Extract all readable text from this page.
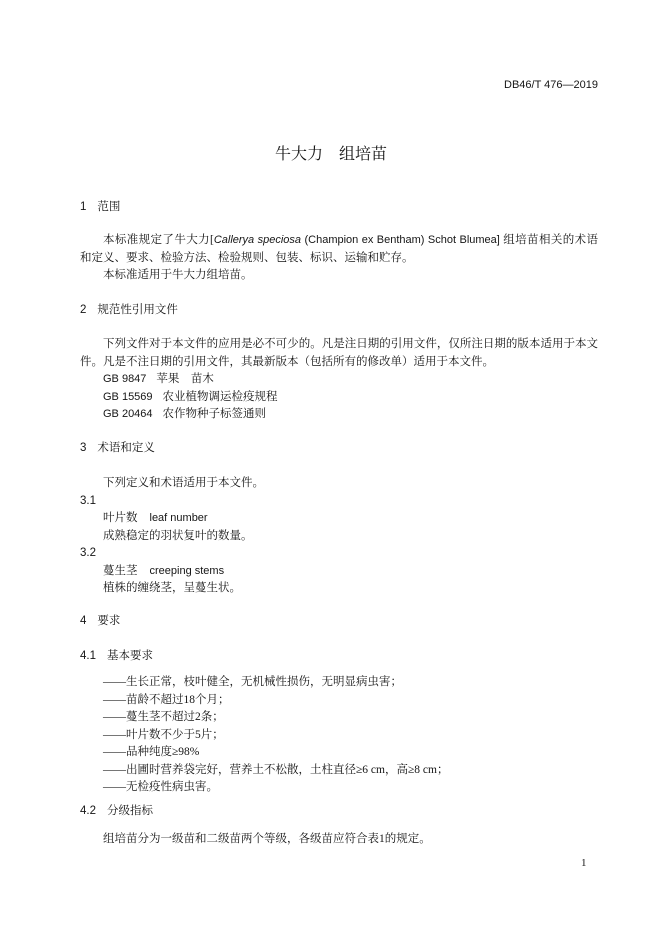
DB46/T 476—2019
牛大力　组培苗
1 范围
本标准规定了牛大力[Callerya speciosa (Champion ex Bentham) Schot Blumea] 组培苗相关的术语和定义、要求、检验方法、检验规则、包装、标识、运输和贮存。
本标准适用于牛大力组培苗。
2 规范性引用文件
下列文件对于本文件的应用是必不可少的。凡是注日期的引用文件，仅所注日期的版本适用于本文件。凡是不注日期的引用文件，其最新版本（包括所有的修改单）适用于本文件。
GB 9847 苹果　苗木
GB 15569 农业植物调运检疫规程
GB 20464 农作物种子标签通则
3 术语和定义
下列定义和术语适用于本文件。
3.1
叶片数 leaf number
成熟稳定的羽状复叶的数量。
3.2
蔓生茎 creeping stems
植株的缠绕茎，呈蔓生状。
4 要求
4.1 基本要求
——生长正常，枝叶健全，无机械性损伤，无明显病虫害；
——苗龄不超过18个月；
——蔓生茎不超过2条；
——叶片数不少于5片；
——品种纯度≥98%
——出圃时营养袋完好，营养土不松散，土柱直径≥6 cm，高≥8 cm；
——无检疫性病虫害。
4.2 分级指标
组培苗分为一级苗和二级苗两个等级，各级苗应符合表1的规定。
1
